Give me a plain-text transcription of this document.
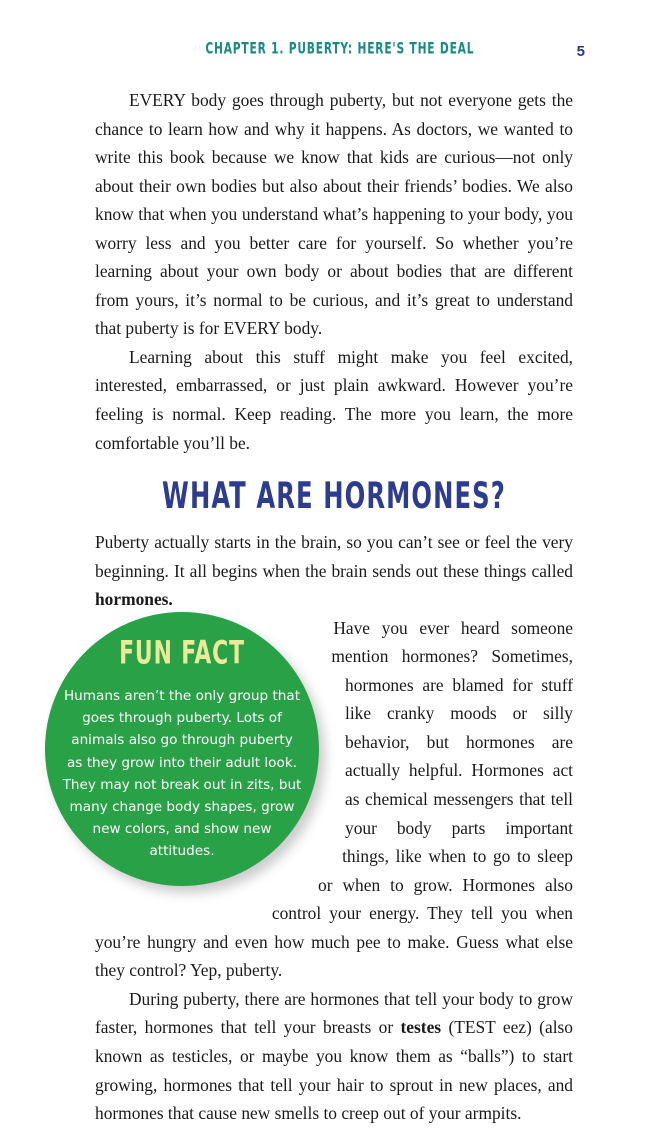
CHAPTER 1. PUBERTY: HERE'S THE DEAL	5

EVERY body goes through puberty, but not everyone gets the chance to learn how and why it happens. As doctors, we wanted to write this book because we know that kids are curious—not only about their own bodies but also about their friends’ bodies. We also know that when you understand what’s happening to your body, you worry less and you better care for yourself. So whether you’re learning about your own body or about bodies that are different from yours, it’s normal to be curious, and it’s great to understand that puberty is for EVERY body.

Learning about this stuff might make you feel excited, interested, embarrassed, or just plain awkward. However you’re feeling is normal. Keep reading. The more you learn, the more comfortable you’ll be.

WHAT ARE HORMONES?

Puberty actually starts in the brain, so you can’t see or feel the very beginning. It all begins when the brain sends out these things called hormones.

Have you ever heard someone mention hormones? Sometimes, hormones are blamed for stuff like cranky moods or silly behavior, but hormones are actually helpful. Hormones act as chemical messengers that tell your body parts important things, like when to go to sleep or when to grow. Hormones also control your energy. They tell you when you’re hungry and even how much pee to make. Guess what else they control? Yep, puberty.

During puberty, there are hormones that tell your body to grow faster, hormones that tell your breasts or testes (TEST eez) (also known as testicles, or maybe you know them as “balls”) to start growing, hormones that tell your hair to sprout in new places, and hormones that cause new smells to creep out of your armpits.

FUN FACT
Humans aren’t the only group that goes through puberty. Lots of animals also go through puberty as they grow into their adult look. They may not break out in zits, but many change body shapes, grow new colors, and show new attitudes.
